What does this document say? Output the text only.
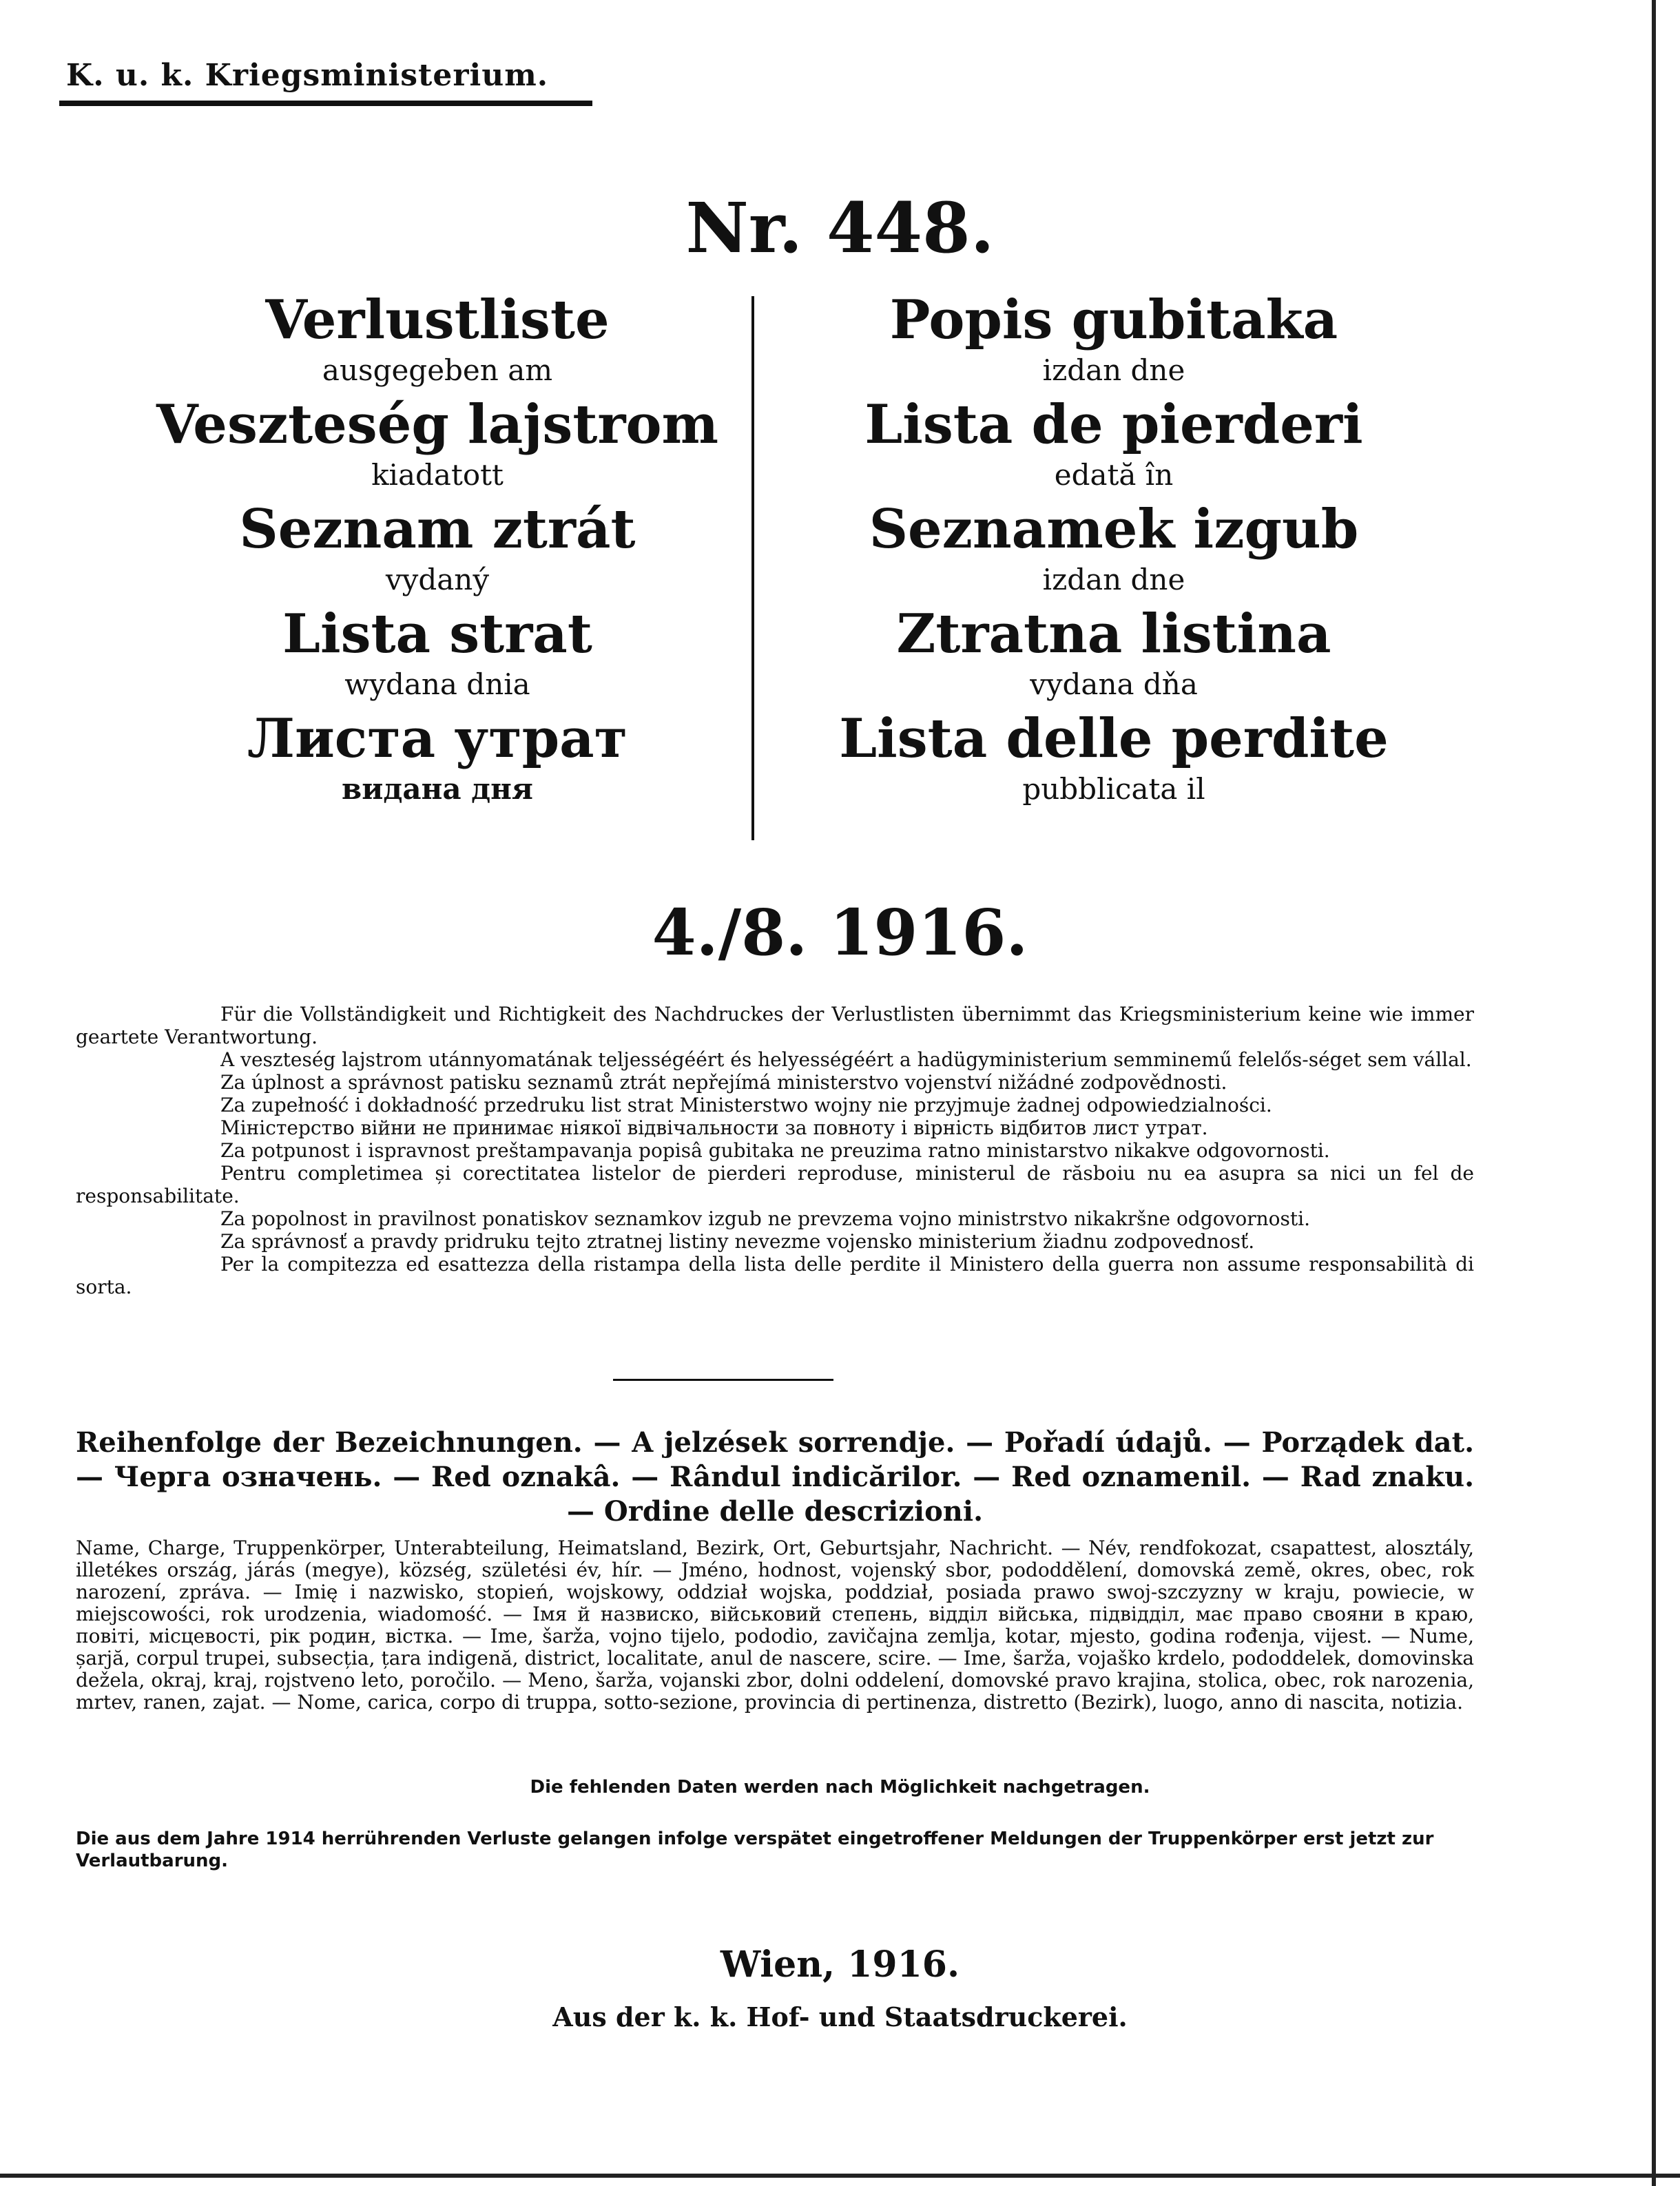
K. u. k. Kriegsministerium.
Nr. 448.

Verlustliste

ausgegeben am

Veszteség lajstrom

kiadatott

Seznam ztrát

vydaný

Lista strat

wydana dnia

Листа утрат

видана дня

Popis gubitaka

izdan dne

Lista de pierderi

edată în

Seznamek izgub

izdan dne

Ztratna listina

vydana dňa

Lista delle perdite

pubblicata il

4./8. 1916.

Für die Vollständigkeit und Richtigkeit des Nachdruckes der Verlustlisten übernimmt das Kriegsministerium keine wie immer geartete Verantwortung.

A veszteség lajstrom utánnyomatának teljességéért és helyességéért a hadügyministerium semminemű felelős-séget sem vállal.

Za úplnost a správnost patisku seznamů ztrát nepřejímá ministerstvo vojenství nižádné zodpovědnosti.

Za zupełność i dokładność przedruku list strat Ministerstwo wojny nie przyjmuje żadnej odpowiedzialności.

Міністерство війни не принимає ніякої відвічальности за повноту і вірність відбитов лист утрат.

Za potpunost i ispravnost preštampavanja popisâ gubitaka ne preuzima ratno ministarstvo nikakve odgovornosti.

Pentru completimea și corectitatea listelor de pierderi reproduse, ministerul de răsboiu nu ea asupra sa nici un fel de responsabilitate.

Za popolnost in pravilnost ponatiskov seznamkov izgub ne prevzema vojno ministrstvo nikakršne odgovornosti.

Za správnosť a pravdy pridruku tejto ztratnej listiny nevezme vojensko ministerium žiadnu zodpovednosť.

Per la compitezza ed esattezza della ristampa della lista delle perdite il Ministero della guerra non assume responsabilità di sorta.

Reihenfolge der Bezeichnungen. — A jelzések sorrendje. — Pořadí údajů. — Porządek dat. — Черга означень. — Red oznakâ. — Rândul indicărilor. — Red oznamenil. — Rad znaku. — Ordine delle descrizioni.
Name, Charge, Truppenkörper, Unterabteilung, Heimatsland, Bezirk, Ort, Geburtsjahr, Nachricht. — Név, rendfokozat, csapattest, alosztály, illetékes ország, járás (megye), község, születési év, hír. — Jméno, hodnost, vojenský sbor, pododdělení, domovská země, okres, obec, rok narození, zpráva. — Imię i nazwisko, stopień, wojskowy, oddział wojska, poddział, posiada prawo swoj-szczyzny w kraju, powiecie, w miejscowości, rok urodzenia, wiadomość. — Імя й назвиско, військовий степень, відділ війська, підвідділ, має право свояни в краю, повіті, місцевості, рік родин, вістка. — Ime, šarža, vojno tijelo, pododio, zavičajna zemlja, kotar, mjesto, godina rođenja, vijest. — Nume, șarjă, corpul trupei, subsecția, țara indigenă, district, localitate, anul de nascere, scire. — Ime, šarža, vojaško krdelo, pododdelek, domovinska dežela, okraj, kraj, rojstveno leto, poročilo. — Meno, šarža, vojanski zbor, dolni oddelení, domovské pravo krajina, stolica, obec, rok narozenia, mrtev, ranen, zajat. — Nome, carica, corpo di truppa, sotto-sezione, provincia di pertinenza, distretto (Bezirk), luogo, anno di nascita, notizia.
Die fehlenden Daten werden nach Möglichkeit nachgetragen.
Die aus dem Jahre 1914 herrührenden Verluste gelangen infolge verspätet eingetroffener Meldungen der Truppenkörper erst jetzt zur Verlautbarung.
Wien, 1916.
Aus der k. k. Hof- und Staatsdruckerei.
